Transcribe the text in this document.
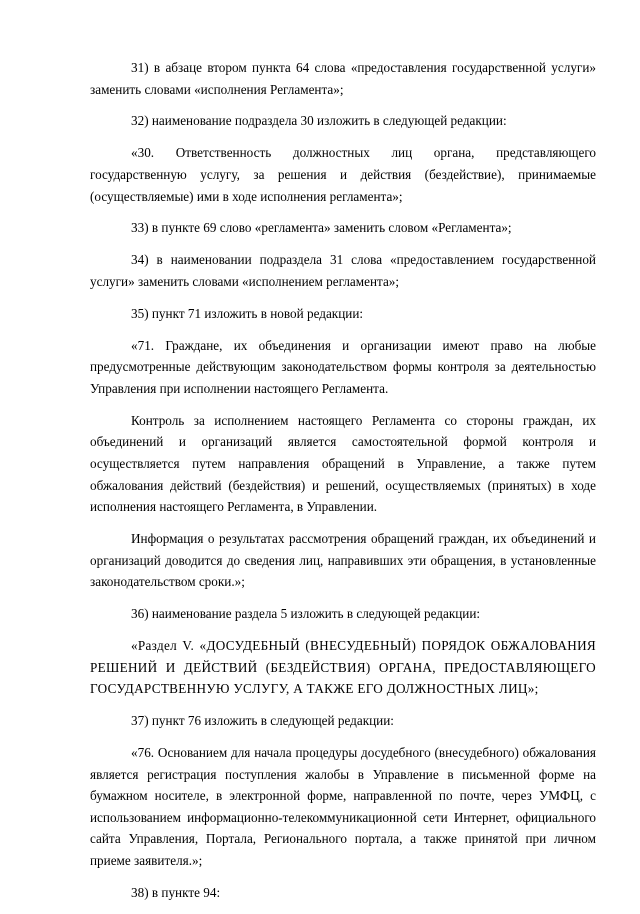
31) в абзаце втором пункта 64 слова «предоставления государственной услуги» заменить словами «исполнения Регламента»;

32) наименование подраздела 30 изложить в следующей редакции:

«30. Ответственность должностных лиц органа, представляющего государственную услугу, за решения и действия (бездействие), принимаемые (осуществляемые) ими в ходе исполнения регламента»;

33) в пункте 69 слово «регламента» заменить словом «Регламента»;

34) в наименовании подраздела 31 слова «предоставлением государственной услуги» заменить словами «исполнением регламента»;

35) пункт 71 изложить в новой редакции:

«71. Граждане, их объединения и организации имеют право на любые предусмотренные действующим законодательством формы контроля за деятельностью Управления при исполнении настоящего Регламента.

Контроль за исполнением настоящего Регламента со стороны граждан, их объединений и организаций является самостоятельной формой контроля и осуществляется путем направления обращений в Управление, а также путем обжалования действий (бездействия) и решений, осуществляемых (принятых) в ходе исполнения настоящего Регламента, в Управлении.

Информация о результатах рассмотрения обращений граждан, их объединений и организаций доводится до сведения лиц, направивших эти обращения, в установленные законодательством сроки.»;

36) наименование раздела 5 изложить в следующей редакции:

«Раздел V. «ДОСУДЕБНЫЙ (ВНЕСУДЕБНЫЙ) ПОРЯДОК ОБЖАЛОВАНИЯ РЕШЕНИЙ И ДЕЙСТВИЙ (БЕЗДЕЙСТВИЯ) ОРГАНА, ПРЕДОСТАВЛЯЮЩЕГО ГОСУДАРСТВЕННУЮ УСЛУГУ, А ТАКЖЕ ЕГО ДОЛЖНОСТНЫХ ЛИЦ»;

37) пункт 76 изложить в следующей редакции:

«76. Основанием для начала процедуры досудебного (внесудебного) обжалования является регистрация поступления жалобы в Управление в письменной форме на бумажном носителе, в электронной форме, направленной по почте, через УМФЦ, с использованием информационно-телекоммуникационной сети Интернет, официального сайта Управления, Портала, Регионального портала, а также принятой при личном приеме заявителя.»;

38) в пункте 94:
